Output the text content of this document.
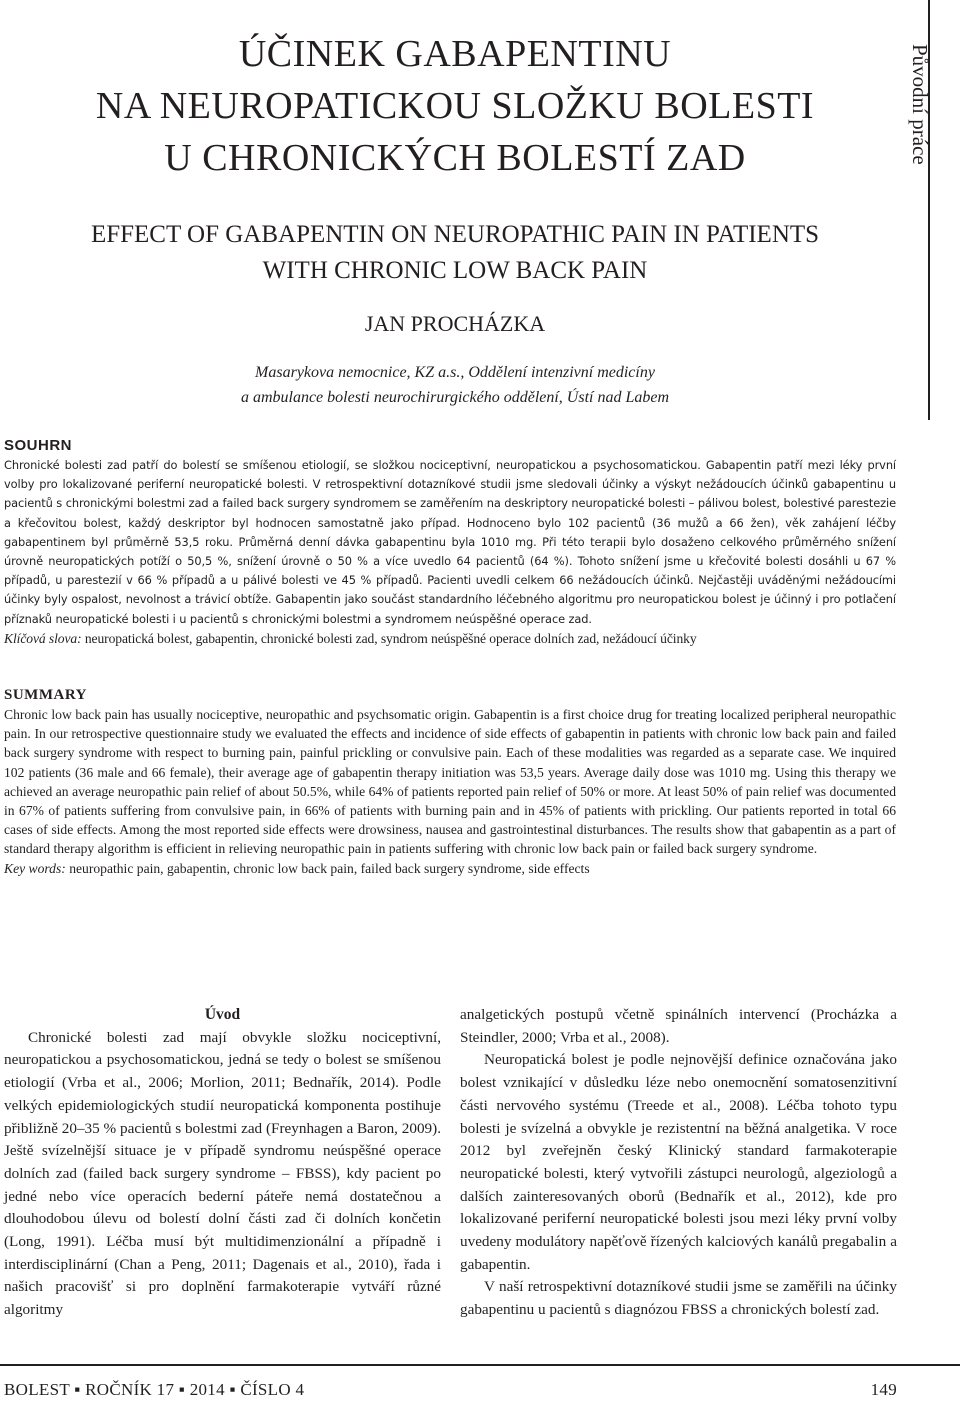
ÚČINEK GABAPENTINU
NA NEUROPATICKOU SLOŽKU BOLESTI
U CHRONICKÝCH BOLESTÍ ZAD
EFFECT OF GABAPENTIN ON NEUROPATHIC PAIN IN PATIENTS
WITH CHRONIC LOW BACK PAIN
JAN PROCHÁZKA
Masarykova nemocnice, KZ a.s., Oddělení intenzivní medicíny
a ambulance bolesti neurochirurgického oddělení, Ústí nad Labem
Původní práce
SOUHRN

Chronické bolesti zad patří do bolestí se smíšenou etiologií, se složkou nociceptivní, neuropatickou a psychosomatickou. Gabapentin patří mezi léky první volby pro lokalizované periferní neuropatické bolesti. V retrospektivní dotazníkové studii jsme sledovali účinky a výskyt nežádoucích účinků gabapentinu u pacientů s chronickými bolestmi zad a failed back surgery syndromem se zaměřením na deskriptory neuropatické bolesti – pálivou bolest, bolestivé parestezie a křečovitou bolest, každý deskriptor byl hodnocen samostatně jako případ. Hodnoceno bylo 102 pacientů (36 mužů a 66 žen), věk zahájení léčby gabapentinem byl průměrně 53,5 roku. Průměrná denní dávka gabapentinu byla 1010 mg. Při této terapii bylo dosaženo celkového průměrného snížení úrovně neuropatických potíží o 50,5 %, snížení úrovně o 50 % a více uvedlo 64 pacientů (64 %). Tohoto snížení jsme u křečovité bolesti dosáhli u 67 % případů, u parestezií v 66 % případů a u pálivé bolesti ve 45 % případů. Pacienti uvedli celkem 66 nežádoucích účinků. Nejčastěji uváděnými nežádoucími účinky byly ospalost, nevolnost a trávicí obtíže. Gabapentin jako součást standardního léčebného algoritmu pro neuropatickou bolest je účinný i pro potlačení příznaků neuropatické bolesti i u pacientů s chronickými bolestmi a syndromem neúspěšné operace zad.

Klíčová slova: neuropatická bolest, gabapentin, chronické bolesti zad, syndrom neúspěšné operace dolních zad, nežádoucí účinky

SUMMARY

Chronic low back pain has usually nociceptive, neuropathic and psychsomatic origin. Gabapentin is a first choice drug for treating localized peripheral neuropathic pain. In our retrospective questionnaire study we evaluated the effects and incidence of side effects of gabapentin in patients with chronic low back pain and failed back surgery syndrome with respect to burning pain, painful prickling or convulsive pain. Each of these modalities was regarded as a separate case. We inquired 102 patients (36 male and 66 female), their average age of gabapentin therapy initiation was 53,5 years. Average daily dose was 1010 mg. Using this therapy we achieved an average neuropathic pain relief of about 50.5%, while 64% of patients reported pain relief of 50% or more. At least 50% of pain relief was documented in 67% of patients suffering from convulsive pain, in 66% of patients with burning pain and in 45% of patients with prickling. Our patients reported in total 66 cases of side effects. Among the most reported side effects were drowsiness, nausea and gastrointestinal disturbances. The results show that gabapentin as a part of standard therapy algorithm is efficient in relieving neuropathic pain in patients suffering with chronic low back pain or failed back surgery syndrome.

Key words: neuropathic pain, gabapentin, chronic low back pain, failed back surgery syndrome, side effects

Úvod

Chronické bolesti zad mají obvykle složku nociceptivní, neuropatickou a psychosomatickou, jedná se tedy o bolest se smíšenou etiologií (Vrba et al., 2006; Morlion, 2011; Bednařík, 2014). Podle velkých epidemiologických studií neuropatická komponenta postihuje přibližně 20–35 % pacientů s bolestmi zad (Freynhagen a Baron, 2009). Ještě svízelnější situace je v případě syndromu neúspěšné operace dolních zad (failed back surgery syndrome – FBSS), kdy pacient po jedné nebo více operacích bederní páteře nemá dostatečnou a dlouhodobou úlevu od bolestí dolní části zad či dolních končetin (Long, 1991). Léčba musí být multidimenzionální a případně i interdisciplinární (Chan a Peng, 2011; Dagenais et al., 2010), řada i našich pracovišť si pro doplnění farmakoterapie vytváří různé algoritmy

analgetických postupů včetně spinálních intervencí (Procházka a Steindler, 2000; Vrba et al., 2008).

Neuropatická bolest je podle nejnovější definice označována jako bolest vznikající v důsledku léze nebo onemocnění somatosenzitivní části nervového systému (Treede et al., 2008). Léčba tohoto typu bolesti je svízelná a obvykle je rezistentní na běžná analgetika. V roce 2012 byl zveřejněn český Klinický standard farmakoterapie neuropatické bolesti, který vytvořili zástupci neurologů, algeziologů a dalších zainteresovaných oborů (Bednařík et al., 2012), kde pro lokalizované periferní neuropatické bolesti jsou mezi léky první volby uvedeny modulátory napěťově řízených kalciových kanálů pregabalin a gabapentin.

V naší retrospektivní dotazníkové studii jsme se zaměřili na účinky gabapentinu u pacientů s diagnózou FBSS a chronických bolestí zad.

BOLEST ▪ ROČNÍK 17 ▪ 2014 ▪ ČÍSLO 4	149
